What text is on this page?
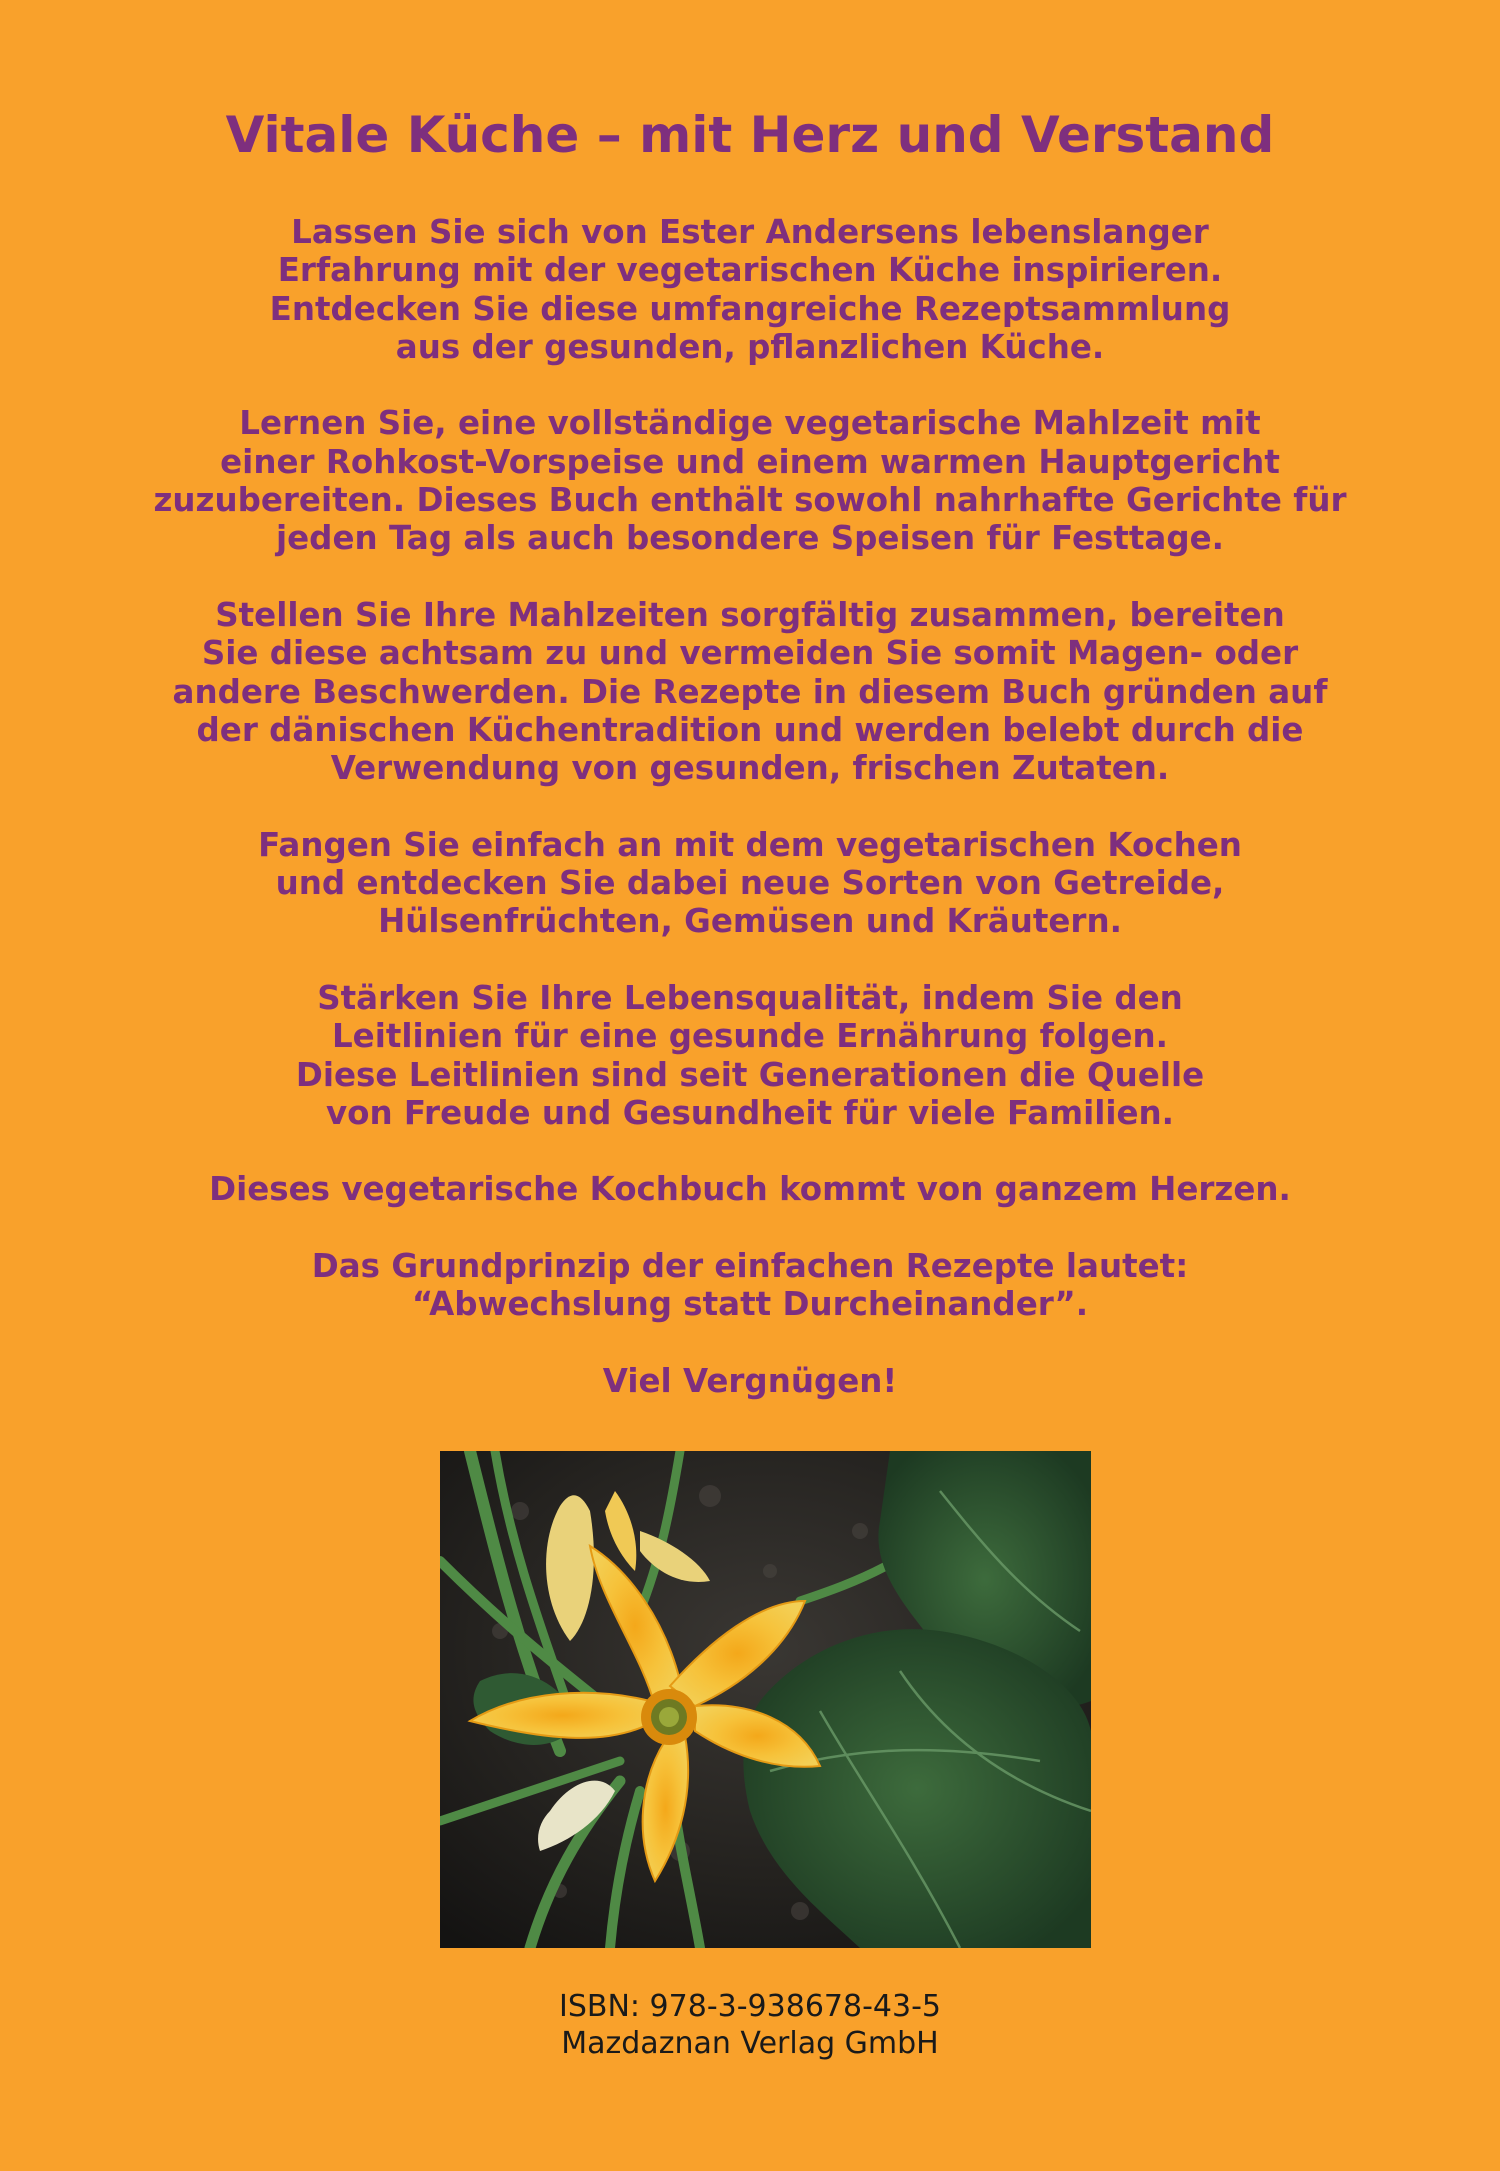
Vitale Küche – mit Herz und Verstand

Lassen Sie sich von Ester Andersens lebenslanger
Erfahrung mit der vegetarischen Küche inspirieren.
Entdecken Sie diese umfangreiche Rezeptsammlung
aus der gesunden, pflanzlichen Küche.

Lernen Sie, eine vollständige vegetarische Mahlzeit mit
einer Rohkost-Vorspeise und einem warmen Hauptgericht
zuzubereiten. Dieses Buch enthält sowohl nahrhafte Gerichte für
jeden Tag als auch besondere Speisen für Festtage.

Stellen Sie Ihre Mahlzeiten sorgfältig zusammen, bereiten
Sie diese achtsam zu und vermeiden Sie somit Magen- oder
andere Beschwerden. Die Rezepte in diesem Buch gründen auf
der dänischen Küchentradition und werden belebt durch die
Verwendung von gesunden, frischen Zutaten.

Fangen Sie einfach an mit dem vegetarischen Kochen
und entdecken Sie dabei neue Sorten von Getreide,
Hülsenfrüchten, Gemüsen und Kräutern.

Stärken Sie Ihre Lebensqualität, indem Sie den
Leitlinien für eine gesunde Ernährung folgen.
Diese Leitlinien sind seit Generationen die Quelle
von Freude und Gesundheit für viele Familien.

Dieses vegetarische Kochbuch kommt von ganzem Herzen.

Das Grundprinzip der einfachen Rezepte lautet:
“Abwechslung statt Durcheinander”.

Viel Vergnügen!

ISBN: 978-3-938678-43-5
Mazdaznan Verlag GmbH
